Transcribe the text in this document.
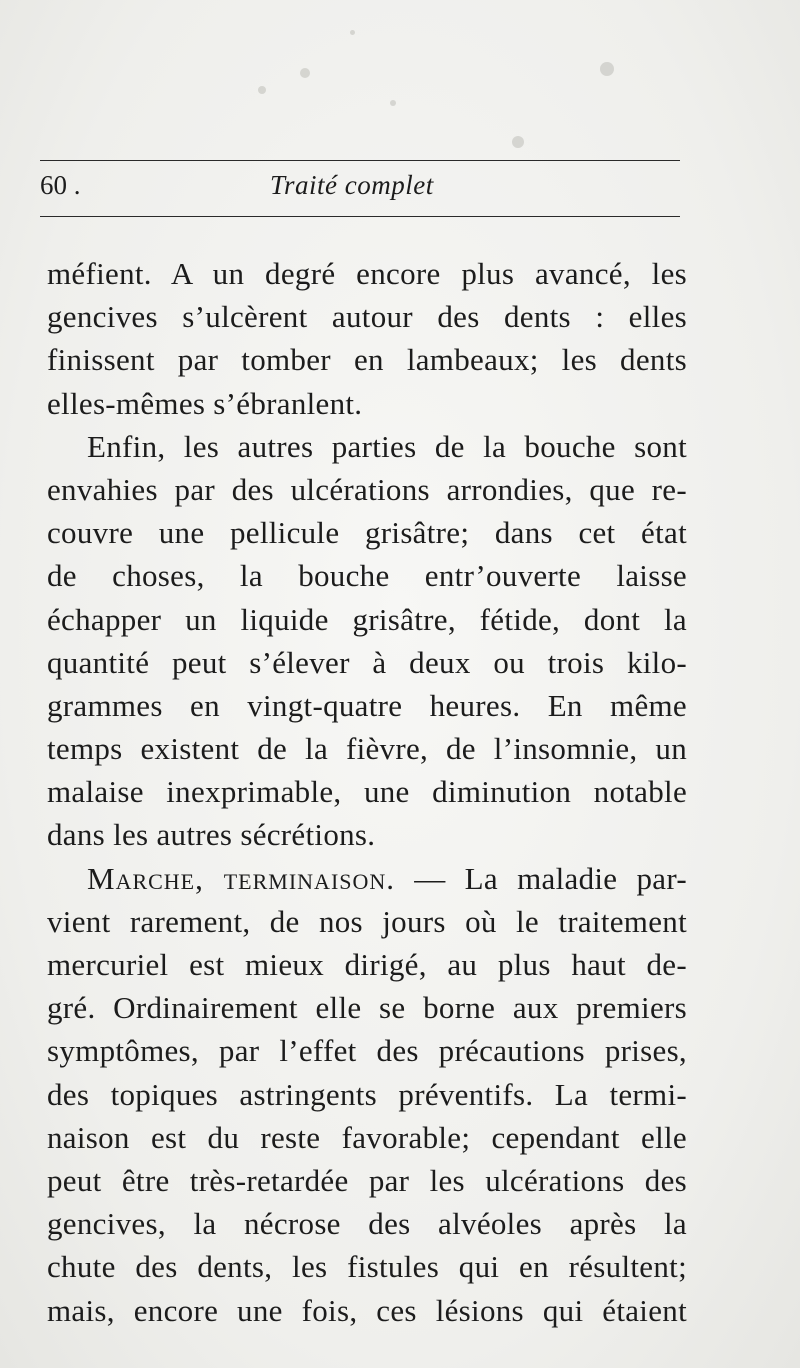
60 .	Traité complet
méfient. A un degré encore plus avancé, les
gencives s’ulcèrent autour des dents : elles
finissent par tomber en lambeaux; les dents
elles-mêmes s’ébranlent.
Enfin, les autres parties de la bouche sont
envahies par des ulcérations arrondies, que re-
couvre une pellicule grisâtre; dans cet état
de choses, la bouche entr’ouverte laisse
échapper un liquide grisâtre, fétide, dont la
quantité peut s’élever à deux ou trois kilo-
grammes en vingt-quatre heures. En même
temps existent de la fièvre, de l’insomnie, un
malaise inexprimable, une diminution notable
dans les autres sécrétions.
Marche, terminaison. — La maladie par-
vient rarement, de nos jours où le traitement
mercuriel est mieux dirigé, au plus haut de-
gré. Ordinairement elle se borne aux premiers
symptômes, par l’effet des précautions prises,
des topiques astringents préventifs. La termi-
naison est du reste favorable; cependant elle
peut être très-retardée par les ulcérations des
gencives, la nécrose des alvéoles après la
chute des dents, les fistules qui en résultent;
mais, encore une fois, ces lésions qui étaient
